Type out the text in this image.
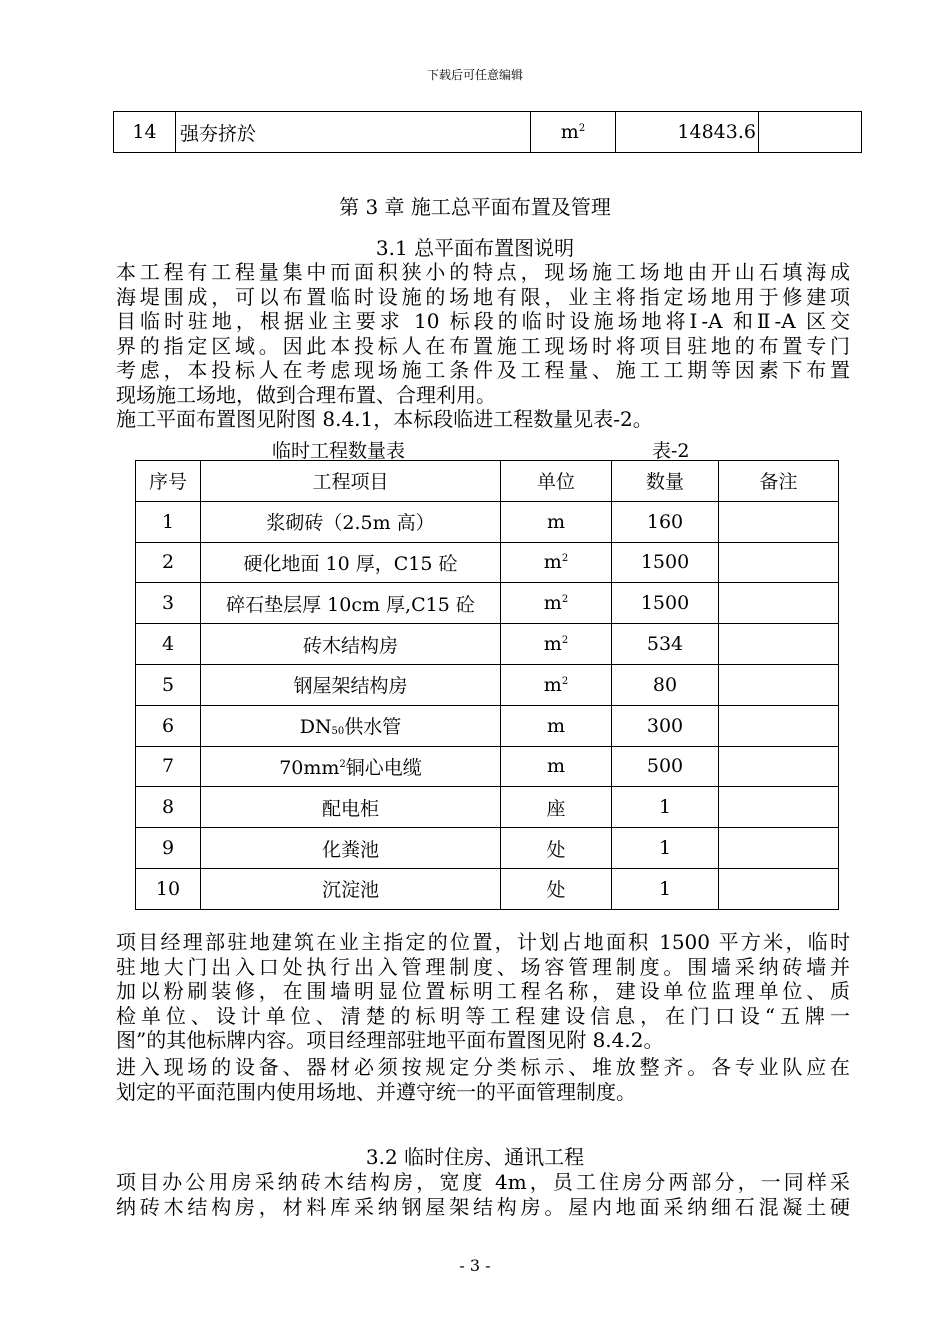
下载后可任意编辑
14	强夯挤於	$m^2$	14843.6	
第 3 章 施工总平面布置及管理
3.1 总平面布置图说明
本工程有工程量集中而面积狭小的特点，现场施工场地由开山石填海成
海堤围成，可以布置临时设施的场地有限，业主将指定场地用于修建项
目临时驻地，根据业主要求 10 标段的临时设施场地将Ⅰ-A 和Ⅱ-A 区交
界的指定区域。因此本投标人在布置施工现场时将项目驻地的布置专门
考虑，本投标人在考虑现场施工条件及工程量、施工工期等因素下布置
现场施工场地，做到合理布置、合理利用。
施工平面布置图见附图 8.4.1，本标段临进工程数量见表-2。
临时工程数量表	表-2
序号	工程项目	单位	数量	备注
1	浆砌砖（2.5m 高）	m	160	
2	硬化地面 10 厚，C15 砼	$m^2$	1500	
3	碎石垫层厚 10cm 厚,C15 砼	$m^2$	1500	
4	砖木结构房	$m^2$	534	
5	钢屋架结构房	$m^2$	80	
6	$DN_{50}$供水管	m	300	
7	$70mm^2$铜心电缆	m	500	
8	配电柜	座	1	
9	化粪池	处	1	
10	沉淀池	处	1	
项目经理部驻地建筑在业主指定的位置，计划占地面积 1500 平方米，临时
驻地大门出入口处执行出入管理制度、场容管理制度。围墙采纳砖墙并
加以粉刷装修，在围墙明显位置标明工程名称，建设单位监理单位、质
检单位、设计单位、清楚的标明等工程建设信息，在门口设“五牌一
图”的其他标牌内容。项目经理部驻地平面布置图见附 8.4.2。
进入现场的设备、器材必须按规定分类标示、堆放整齐。各专业队应在
划定的平面范围内使用场地、并遵守统一的平面管理制度。
3.2 临时住房、通讯工程
项目办公用房采纳砖木结构房，宽度 4m，员工住房分两部分，一同样采
纳砖木结构房，材料库采纳钢屋架结构房。屋内地面采纳细石混凝土硬
- 3 -
